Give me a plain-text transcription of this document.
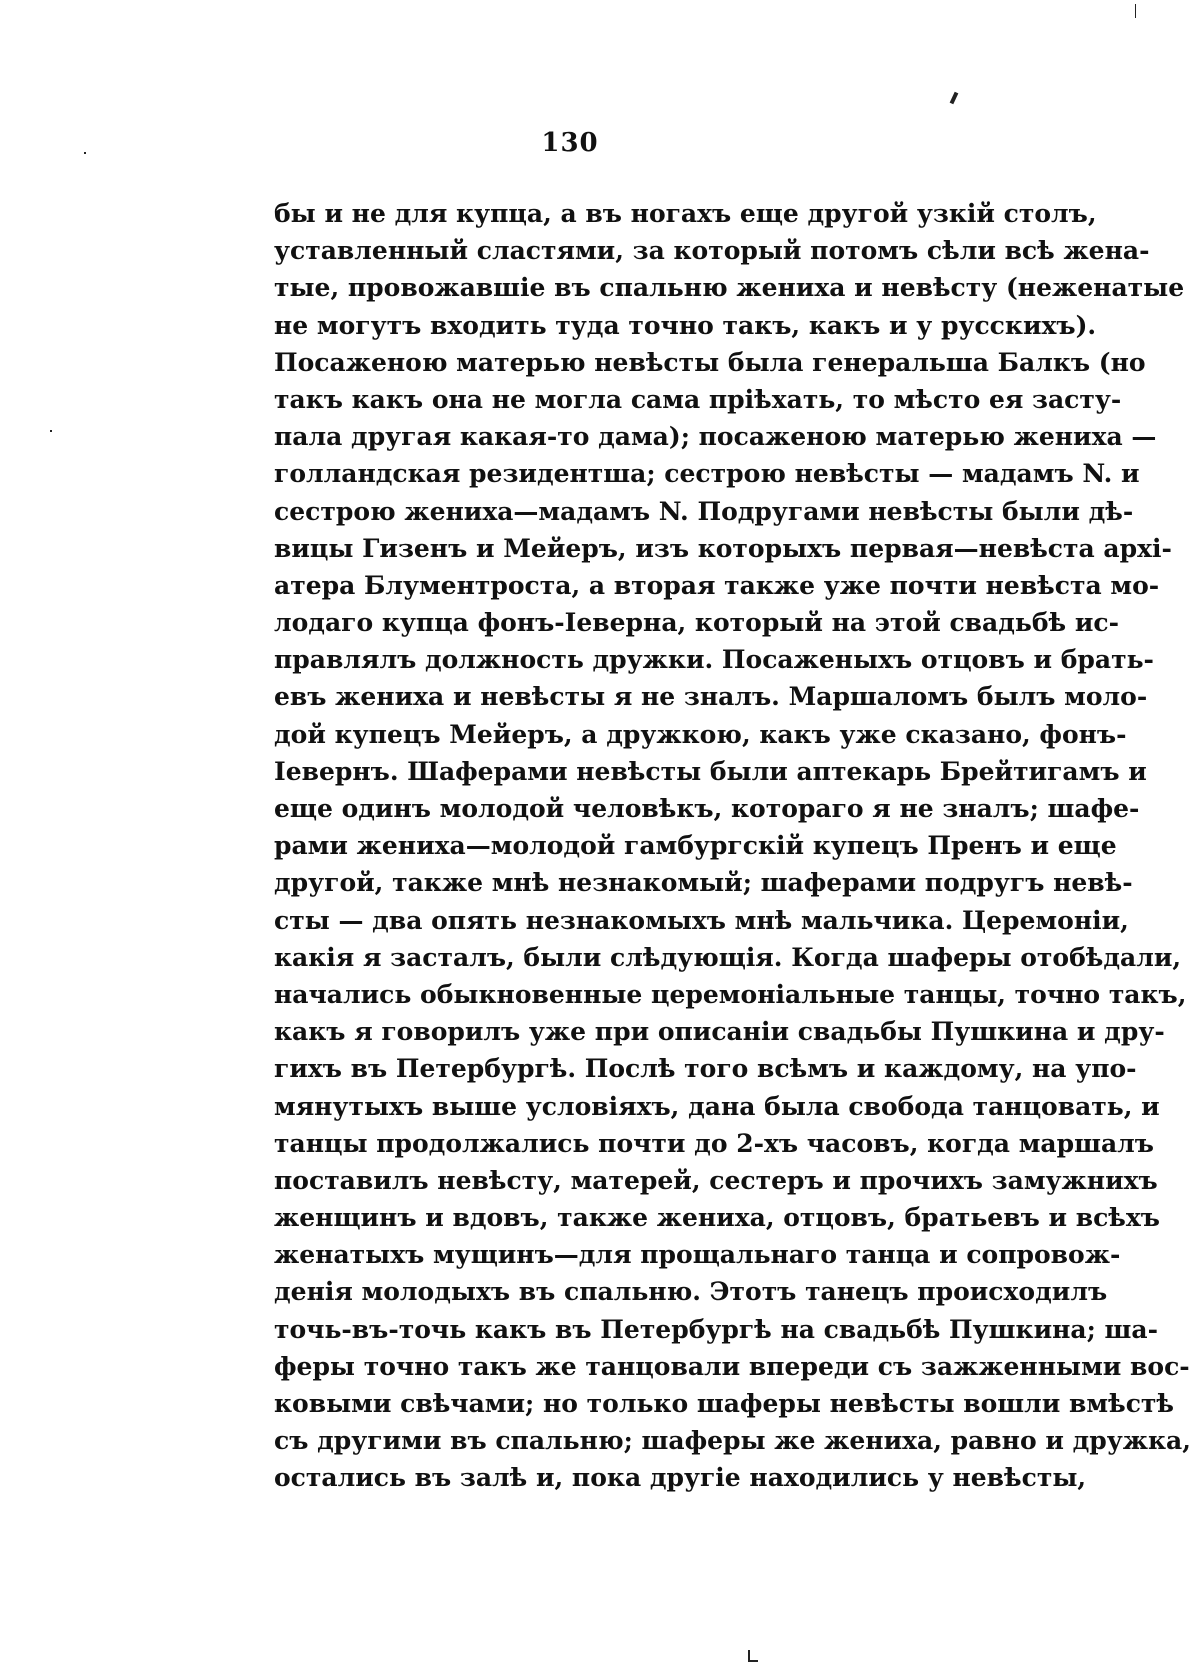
130
бы и не для купца, а въ ногахъ еще другой узкій столъ,
уставленный сластями, за который потомъ сѣли всѣ жена-
тые, провожавшіе въ спальню жениха и невѣсту (неженатые
не могутъ входить туда точно такъ, какъ и у русскихъ).
Посаженою матерью невѣсты была генеральша Балкъ (но
такъ какъ она не могла сама пріѣхать, то мѣсто ея засту-
пала другая какая-то дама); посаженою матерью жениха —
голландская резидентша; сестрою невѣсты — мадамъ N. и
сестрою жениха—мадамъ N. Подругами невѣсты были дѣ-
вицы Гизенъ и Мейеръ, изъ которыхъ первая—невѣста архі-
атера Блументроста, а вторая также уже почти невѣста мо-
лодаго купца фонъ-Іеверна, который на этой свадьбѣ ис-
правлялъ должность дружки. Посаженыхъ отцовъ и брать-
евъ жениха и невѣсты я не зналъ. Маршаломъ былъ моло-
дой купецъ Мейеръ, а дружкою, какъ уже сказано, фонъ-
Іевернъ. Шаферами невѣсты были аптекарь Брейтигамъ и
еще одинъ молодой человѣкъ, котораго я не зналъ; шафе-
рами жениха—молодой гамбургскій купецъ Пренъ и еще
другой, также мнѣ незнакомый; шаферами подругъ невѣ-
сты — два опять незнакомыхъ мнѣ мальчика. Церемоніи,
какія я засталъ, были слѣдующія. Когда шаферы отобѣдали,
начались обыкновенные церемоніальные танцы, точно такъ,
какъ я говорилъ уже при описаніи свадьбы Пушкина и дру-
гихъ въ Петербургѣ. Послѣ того всѣмъ и каждому, на упо-
мянутыхъ выше условіяхъ, дана была свобода танцовать, и
танцы продолжались почти до 2-хъ часовъ, когда маршалъ
поставилъ невѣсту, матерей, сестеръ и прочихъ замужнихъ
женщинъ и вдовъ, также жениха, отцовъ, братьевъ и всѣхъ
женатыхъ мущинъ—для прощальнаго танца и сопровож-
денія молодыхъ въ спальню. Этотъ танецъ происходилъ
точь-въ-точь какъ въ Петербургѣ на свадьбѣ Пушкина; ша-
феры точно такъ же танцовали впереди съ зажженными вос-
ковыми свѣчами; но только шаферы невѣсты вошли вмѣстѣ
съ другими въ спальню; шаферы же жениха, равно и дружка,
остались въ залѣ и, пока другіе находились у невѣсты,
